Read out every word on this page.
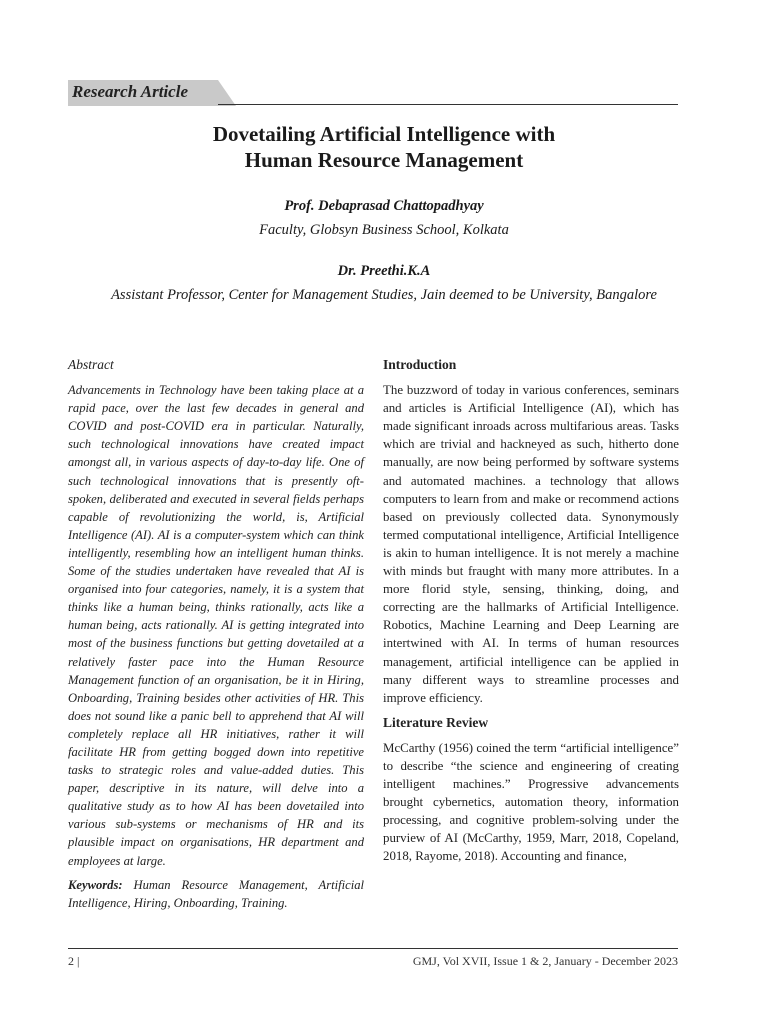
Research Article
Dovetailing Artificial Intelligence with
Human Resource Management
Prof. Debaprasad Chattopadhyay
Faculty, Globsyn Business School, Kolkata
Dr. Preethi.K.A
Assistant Professor, Center for Management Studies, Jain deemed to be University, Bangalore
Abstract

Advancements in Technology have been taking place at a rapid pace, over the last few decades in general and COVID and post-COVID era in particular. Naturally, such technological innovations have created impact amongst all, in various aspects of day-to-day life. One of such technological innovations that is presently oft-spoken, deliberated and executed in several fields perhaps capable of revolutionizing the world, is, Artificial Intelligence (AI). AI is a computer-system which can think intelligently, resembling how an intelligent human thinks. Some of the studies undertaken have revealed that AI is organised into four categories, namely, it is a system that thinks like a human being, thinks rationally, acts like a human being, acts rationally. AI is getting integrated into most of the business functions but getting dovetailed at a relatively faster pace into the Human Resource Management function of an organisation, be it in Hiring, Onboarding, Training besides other activities of HR. This does not sound like a panic bell to apprehend that AI will completely replace all HR initiatives, rather it will facilitate HR from getting bogged down into repetitive tasks to strategic roles and value-added duties. This paper, descriptive in its nature, will delve into a qualitative study as to how AI has been dovetailed into various sub-systems or mechanisms of HR and its plausible impact on organisations, HR department and employees at large.

Keywords: Human Resource Management, Artificial Intelligence, Hiring, Onboarding, Training.

Introduction

The buzzword of today in various conferences, seminars and articles is Artificial Intelligence (AI), which has made significant inroads across multifarious areas. Tasks which are trivial and hackneyed as such, hitherto done manually, are now being performed by software systems and automated machines. a technology that allows computers to learn from and make or recommend actions based on previously collected data. Synonymously termed computational intelligence, Artificial Intelligence is akin to human intelligence. It is not merely a machine with minds but fraught with many more attributes. In a more florid style, sensing, thinking, doing, and correcting are the hallmarks of Artificial Intelligence. Robotics, Machine Learning and Deep Learning are intertwined with AI. In terms of human resources management, artificial intelligence can be applied in many different ways to streamline processes and improve efficiency.

Literature Review

McCarthy (1956) coined the term “artificial intelligence” to describe “the science and engineering of creating intelligent machines.” Progressive advancements brought cybernetics, automation theory, information processing, and cognitive problem-solving under the purview of AI (McCarthy, 1959, Marr, 2018, Copeland, 2018, Rayome, 2018). Accounting and finance,

2 |	GMJ, Vol XVII, Issue 1 & 2, January - December 2023
